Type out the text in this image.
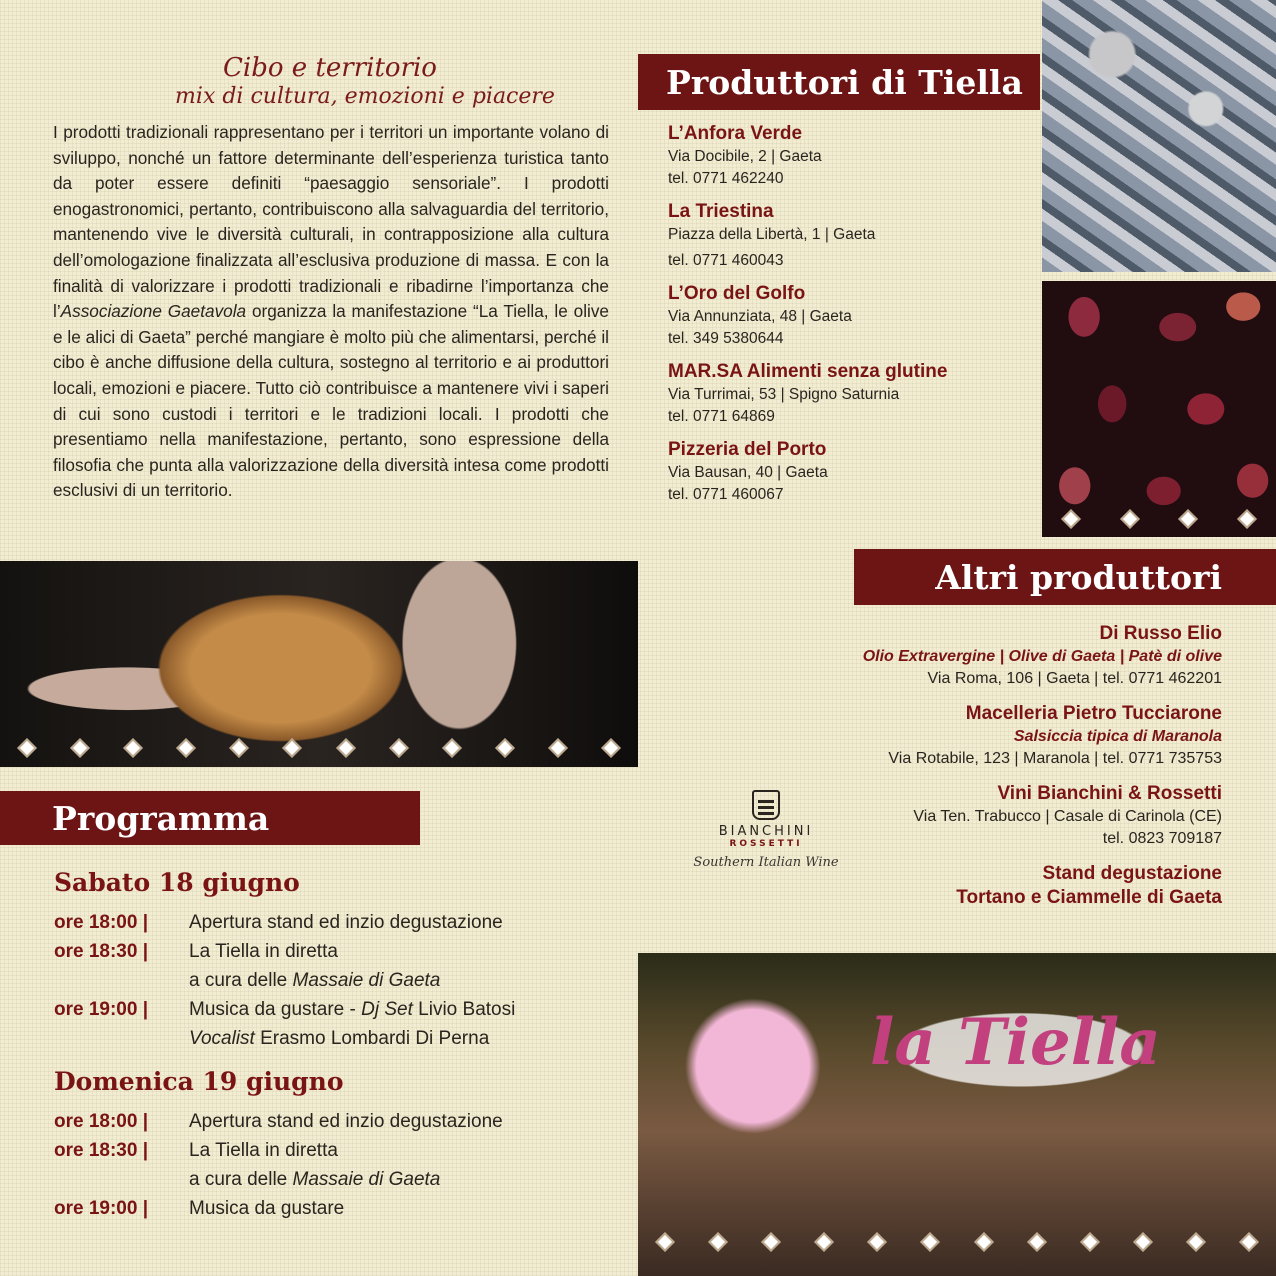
Cibo e territorio
mix di cultura, emozioni e piacere

I prodotti tradizionali rappresentano per i territori un importante volano di sviluppo, nonché un fattore determinante dell’esperienza turistica tanto da poter essere definiti “paesaggio sensoriale”. I prodotti enogastronomici, pertanto, contribuiscono alla salvaguardia del territorio, mantenendo vive le diversità culturali, in contrapposizione alla cultura dell’omologazione finalizzata all’esclusiva produzione di massa. E con la finalità di valorizzare i prodotti tradizionali e ribadirne l’importanza che l’Associazione Gaetavola organizza la manifestazione “La Tiella, le olive e le alici di Gaeta” perché mangiare è molto più che alimentarsi, perché il cibo è anche diffusione della cultura, sostegno al territorio e ai produttori locali, emozioni e piacere. Tutto ciò contribuisce a mantenere vivi i saperi di cui sono custodi i territori e le tradizioni locali. I prodotti che presentiamo nella manifestazione, pertanto, sono espressione della filosofia che punta alla valorizzazione della diversità intesa come prodotti esclusivi di un territorio.

la Tiella
Produttori di Tiella
L’Anfora Verde
Via Docibile, 2 | Gaeta
tel. 0771 462240
La Triestina
Piazza della Libertà, 1 | Gaeta
tel. 0771 460043
L’Oro del Golfo
Via Annunziata, 48 | Gaeta
tel. 349 5380644
MAR.SA Alimenti senza glutine
Via Turrimai, 53 | Spigno Saturnia
tel. 0771 64869
Pizzeria del Porto
Via Bausan, 40 | Gaeta
tel. 0771 460067
Altri produttori
Di Russo Elio
Olio Extravergine | Olive di Gaeta | Patè di olive
Via Roma, 106 | Gaeta | tel. 0771 462201
Macelleria Pietro Tucciarone
Salsiccia tipica di Maranola
Via Rotabile, 123 | Maranola | tel. 0771 735753
Vini Bianchini & Rossetti
Via Ten. Trabucco | Casale di Carinola (CE)
tel. 0823 709187
Stand degustazione
Tortano e Ciammelle di Gaeta
BIANCHINI
ROSSETTI
Southern Italian Wine
Programma
Sabato 18 giugno
ore 18:00 |	Apertura stand ed inzio degustazione
ore 18:30 |	La Tiella in diretta
a cura delle Massaie di Gaeta
ore 19:00 |	Musica da gustare - Dj Set Livio Batosi
Vocalist Erasmo Lombardi Di Perna
Domenica 19 giugno
ore 18:00 |	Apertura stand ed inzio degustazione
ore 18:30 |	La Tiella in diretta
a cura delle Massaie di Gaeta
ore 19:00 |	Musica da gustare
